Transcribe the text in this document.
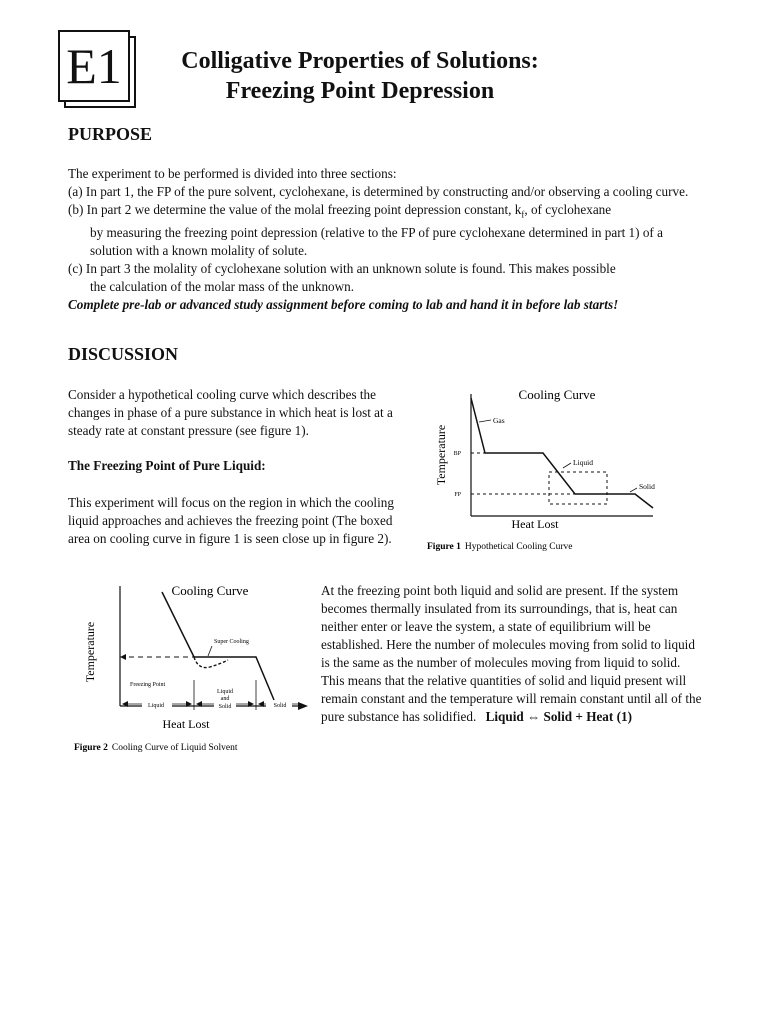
E1	Colligative Properties of Solutions:
Freezing Point Depression
PURPOSE

The experiment to be performed is divided into three sections:

(a) In part 1, the FP of the pure solvent, cyclohexane, is determined by constructing and/or observing a cooling curve.

(b) In part 2 we determine the value of the molal freezing point depression constant, $k_f$, of cyclohexane

by measuring the freezing point depression (relative to the FP of pure cyclohexane determined in part 1) of a solution with a known molality of solute.

(c) In part 3 the molality of cyclohexane solution with an unknown solute is found. This makes possible

the calculation of the molar mass of the unknown.

Complete pre-lab or advanced study assignment before coming to lab and hand it in before lab starts!

DISCUSSION
Consider a hypothetical cooling curve which describes the changes in phase of a pure substance in which heat is lost at a steady rate at constant pressure (see figure 1).
The Freezing Point of Pure Liquid:
This experiment will focus on the region in which the cooling liquid approaches and achieves the freezing point (The boxed area on cooling curve in figure 1 is seen close up in figure 2).
Cooling Curve
Temperature BP
FP
Gas
Liquid
Solid
Heat Lost
Figure 1 Hypothetical Cooling Curve
Cooling Curve
Temperature	Super Cooling
Freezing Point
Liquid
Liquid
and
Solid	Solid
Heat Lost
Figure 2 Cooling Curve of Liquid Solvent
At the freezing point both liquid and solid are present. If the system becomes thermally insulated from its surroundings, that is, heat can neither enter or leave the system, a state of equilibrium will be established. Here the number of molecules moving from solid to liquid is the same as the number of molecules moving from liquid to solid. This means that the relative quantities of solid and liquid present will remain constant and the temperature will remain constant until all of the pure substance has solidified. Liquid ⇔ Solid + Heat (1)
